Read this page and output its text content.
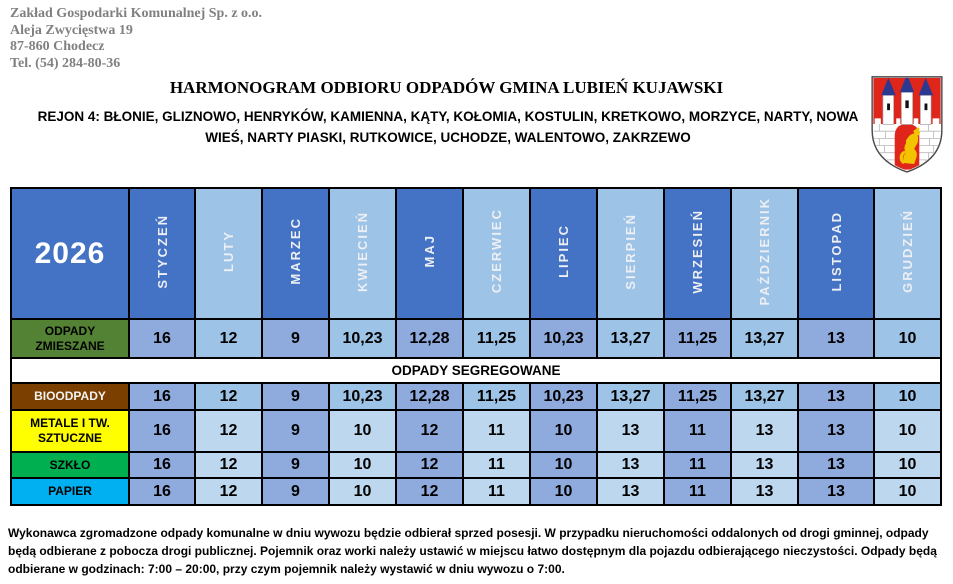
Zakład Gospodarki Komunalnej Sp. z o.o.
Aleja Zwycięstwa 19
87-860 Chodecz
Tel. (54) 284-80-36
HARMONOGRAM ODBIORU ODPADÓW GMINA LUBIEŃ KUJAWSKI
REJON 4: BŁONIE, GLIZNOWO, HENRYKÓW, KAMIENNA, KĄTY, KOŁOMIA, KOSTULIN, KRETKOWO, MORZYCE, NARTY, NOWA WIEŚ, NARTY PIASKI, RUTKOWICE, UCHODZE, WALENTOWO, ZAKRZEWO
2026	STYCZEŃ	LUTY	MARZEC	KWIECIEŃ	MAJ	CZERWIEC	LIPIEC	SIERPIEŃ	WRZESIEŃ	PAŹDZIERNIK	LISTOPAD	GRUDZIEŃ
ODPADY ZMIESZANE	16	12	9	10,23	12,28	11,25	10,23	13,27	11,25	13,27	13	10
ODPADY SEGREGOWANE												
BIOODPADY	16	12	9	10,23	12,28	11,25	10,23	13,27	11,25	13,27	13	10
METALE I TW. SZTUCZNE	16	12	9	10	12	11	10	13	11	13	13	10
SZKŁO	16	12	9	10	12	11	10	13	11	13	13	10
PAPIER	16	12	9	10	12	11	10	13	11	13	13	10
Wykonawca zgromadzone odpady komunalne w dniu wywozu będzie odbierał sprzed posesji. W przypadku nieruchomości oddalonych od drogi gminnej, odpady będą odbierane z pobocza drogi publicznej. Pojemnik oraz worki należy ustawić w miejscu łatwo dostępnym dla pojazdu odbierającego nieczystości. Odpady będą odbierane w godzinach: 7:00 – 20:00, przy czym pojemnik należy wystawić w dniu wywozu o 7:00.
